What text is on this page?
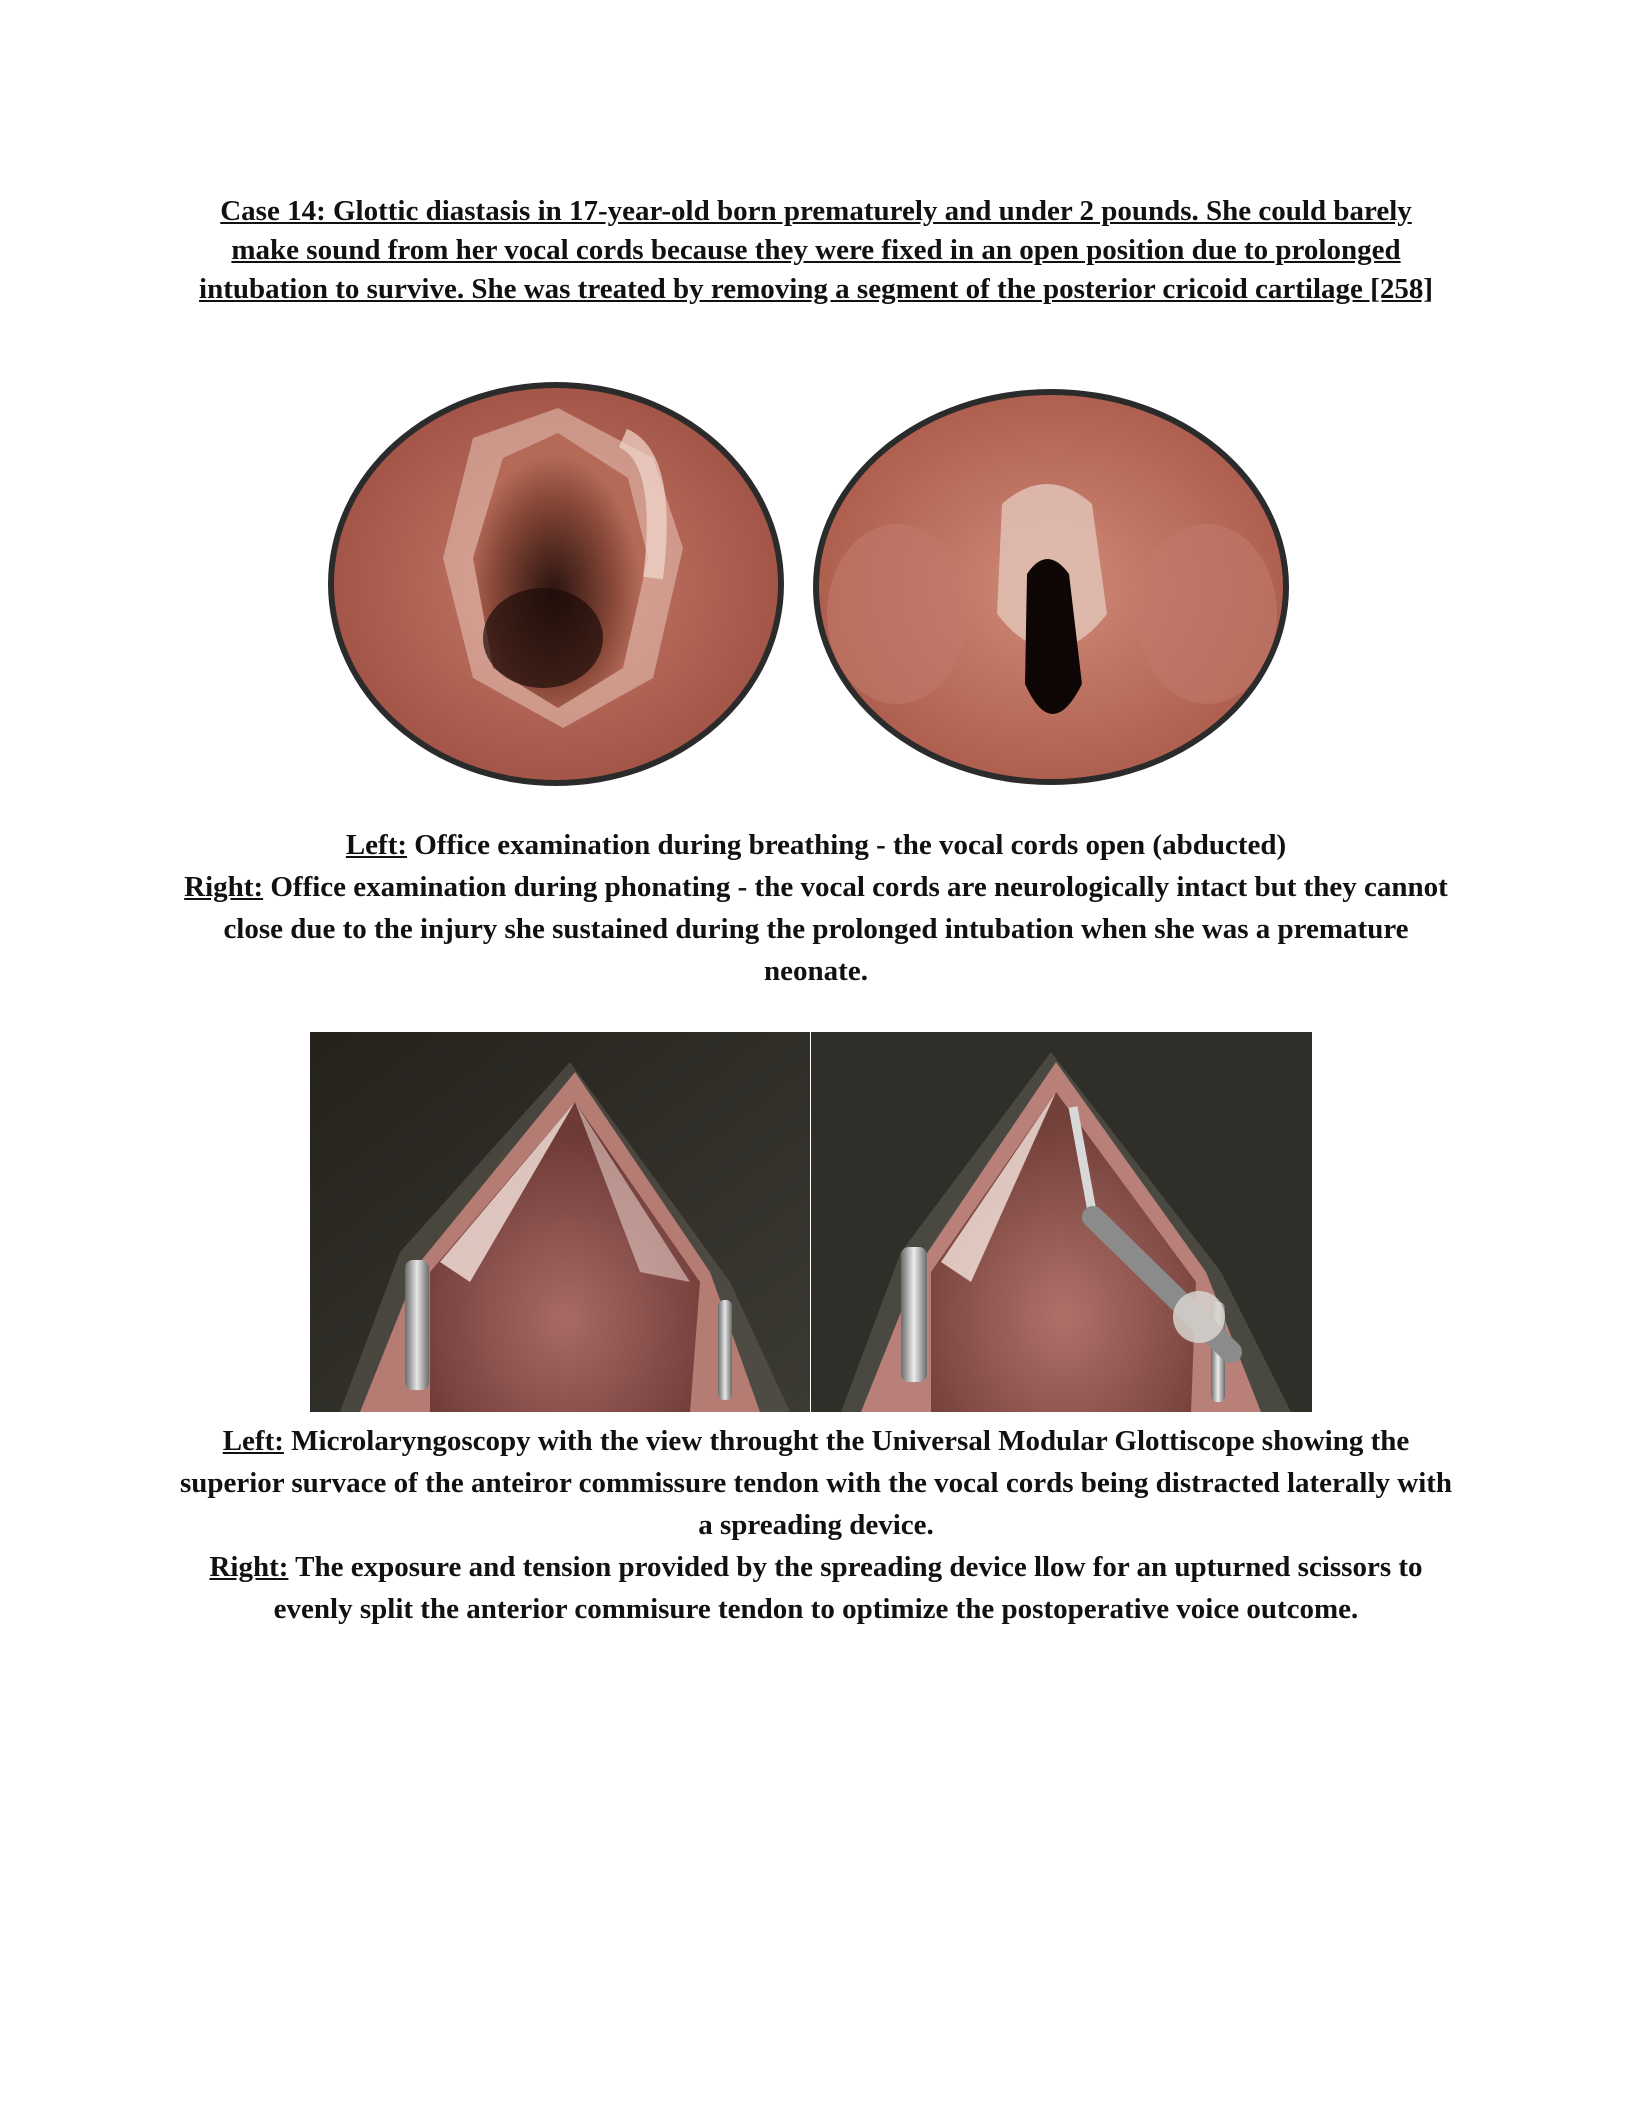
Case 14: Glottic diastasis in 17-year-old born prematurely and under 2 pounds. She could barely make sound from her vocal cords because they were fixed in an open position due to prolonged intubation to survive. She was treated by removing a segment of the posterior cricoid cartilage [258]

Left: Office examination during breathing - the vocal cords open (abducted)

Right: Office examination during phonating - the vocal cords are neurologically intact but they cannot close due to the injury she sustained during the prolonged intubation when she was a premature neonate.

Left: Microlaryngoscopy with the view throught the Universal Modular Glottiscope showing the superior survace of the anteiror commissure tendon with the vocal cords being distracted laterally with a spreading device.

Right: The exposure and tension provided by the spreading device llow for an upturned scissors to evenly split the anterior commisure tendon to optimize the postoperative voice outcome.
